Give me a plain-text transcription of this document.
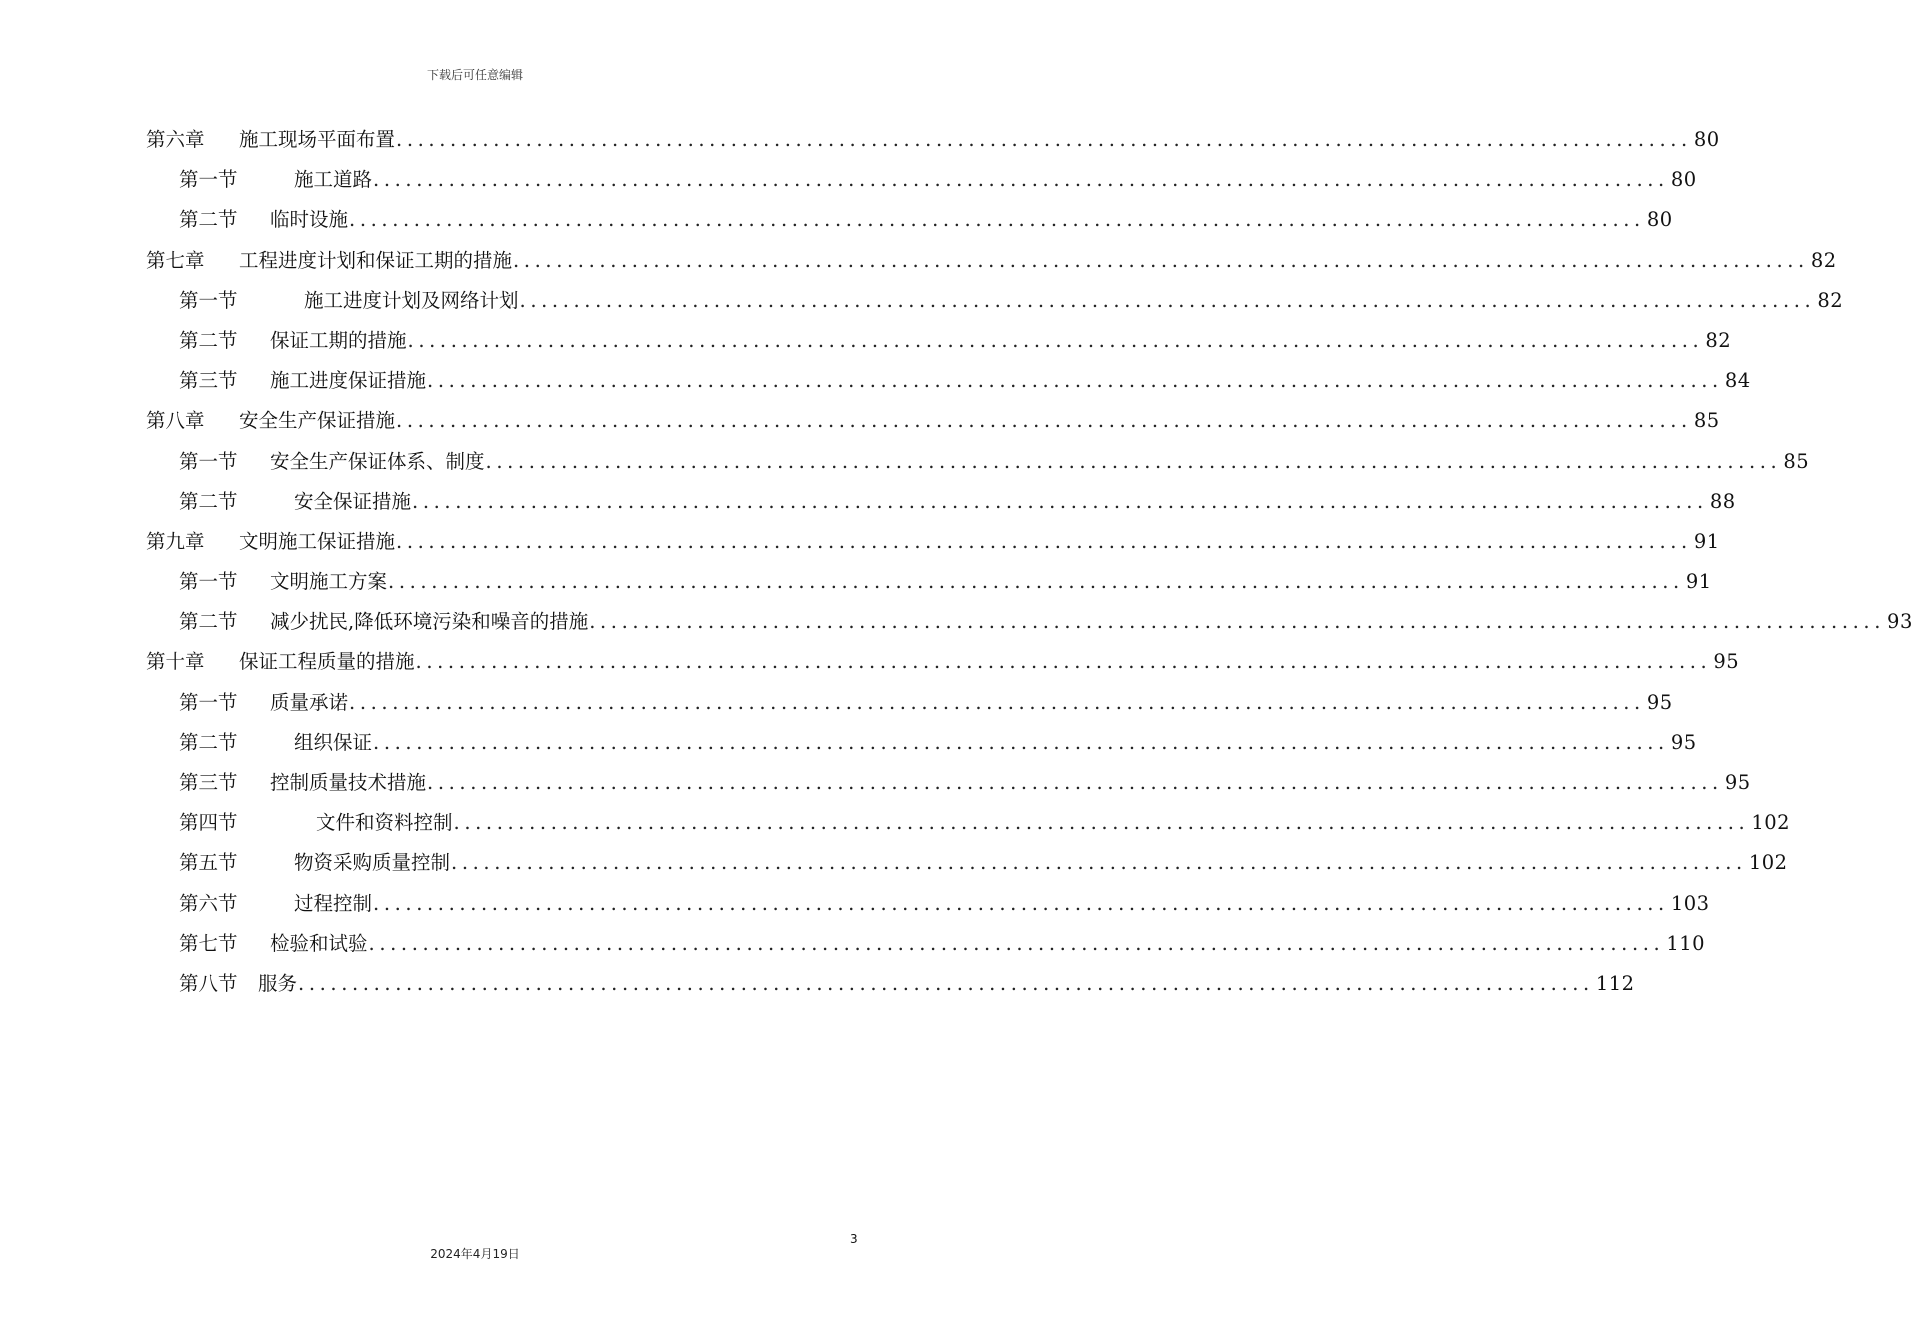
下载后可任意编辑
第六章 施工现场平面布置 ........................................................................................................................ 80
第一节	施工道路 ........................................................................................................................ 80
第二节 临时设施 ........................................................................................................................ 80
第七章 工程进度计划和保证工期的措施 ........................................................................................................................ 82
第一节	施工进度计划及网络计划 ........................................................................................................................ 82
第二节 保证工期的措施 ........................................................................................................................ 82
第三节 施工进度保证措施 ........................................................................................................................ 84
第八章 安全生产保证措施 ........................................................................................................................ 85
第一节 安全生产保证体系、制度 ........................................................................................................................ 85
第二节	安全保证措施 ........................................................................................................................ 88
第九章 文明施工保证措施 ........................................................................................................................ 91
第一节 文明施工方案 ........................................................................................................................ 91
第二节 减少扰民,降低环境污染和噪音的措施 ........................................................................................................................ 93
第十章 保证工程质量的措施 ........................................................................................................................ 95
第一节 质量承诺 ........................................................................................................................ 95
第二节	组织保证 ........................................................................................................................ 95
第三节 控制质量技术措施 ........................................................................................................................ 95
第四节	文件和资料控制 ........................................................................................................................ 102
第五节	物资采购质量控制 ........................................................................................................................ 102
第六节	过程控制 ........................................................................................................................ 103
第七节 检验和试验 ........................................................................................................................ 110
第八节 服务 ........................................................................................................................ 112
3
2024年4月19日
